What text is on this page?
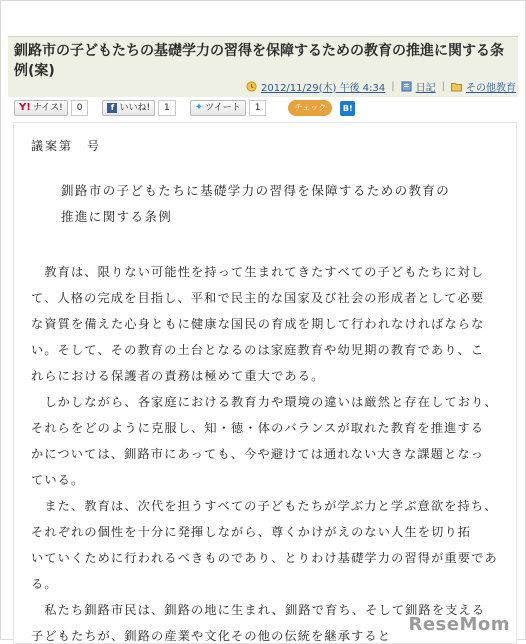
釧路市の子どもたちの基礎学力の習得を保障するための教育の推進に関する条例(案)
2012/11/29(木) 午後 4:34 | 日記 | その他教育
Y! ナイス!	0	f いいね!	1	✦ ツイート	1	チェック	B!
議案第　号
釧路市の子どもたちに基礎学力の習得を保障するための教育の
推進に関する条例
　教育は、限りない可能性を持って生まれてきたすべての子どもたちに対し
て、人格の完成を目指し、平和で民主的な国家及び社会の形成者として必要
な資質を備えた心身ともに健康な国民の育成を期して行われなければならな
い。そして、その教育の土台となるのは家庭教育や幼児期の教育であり、こ
れらにおける保護者の責務は極めて重大である。
　しかしながら、各家庭における教育力や環境の違いは厳然と存在しており、
それらをどのように克服し、知・徳・体のバランスが取れた教育を推進する
かについては、釧路市にあっても、今や避けては通れない大きな課題となっ
ている。
　また、教育は、次代を担うすべての子どもたちが学ぶ力と学ぶ意欲を持ち、
それぞれの個性を十分に発揮しながら、尊くかけがえのない人生を切り拓
いていくために行われるべきものであり、とりわけ基礎学力の習得が重要であ
る。
　私たち釧路市民は、釧路の地に生まれ、釧路で育ち、そして釧路を支える
子どもたちが、釧路の産業や文化その他の伝統を継承すると
ReseMom
